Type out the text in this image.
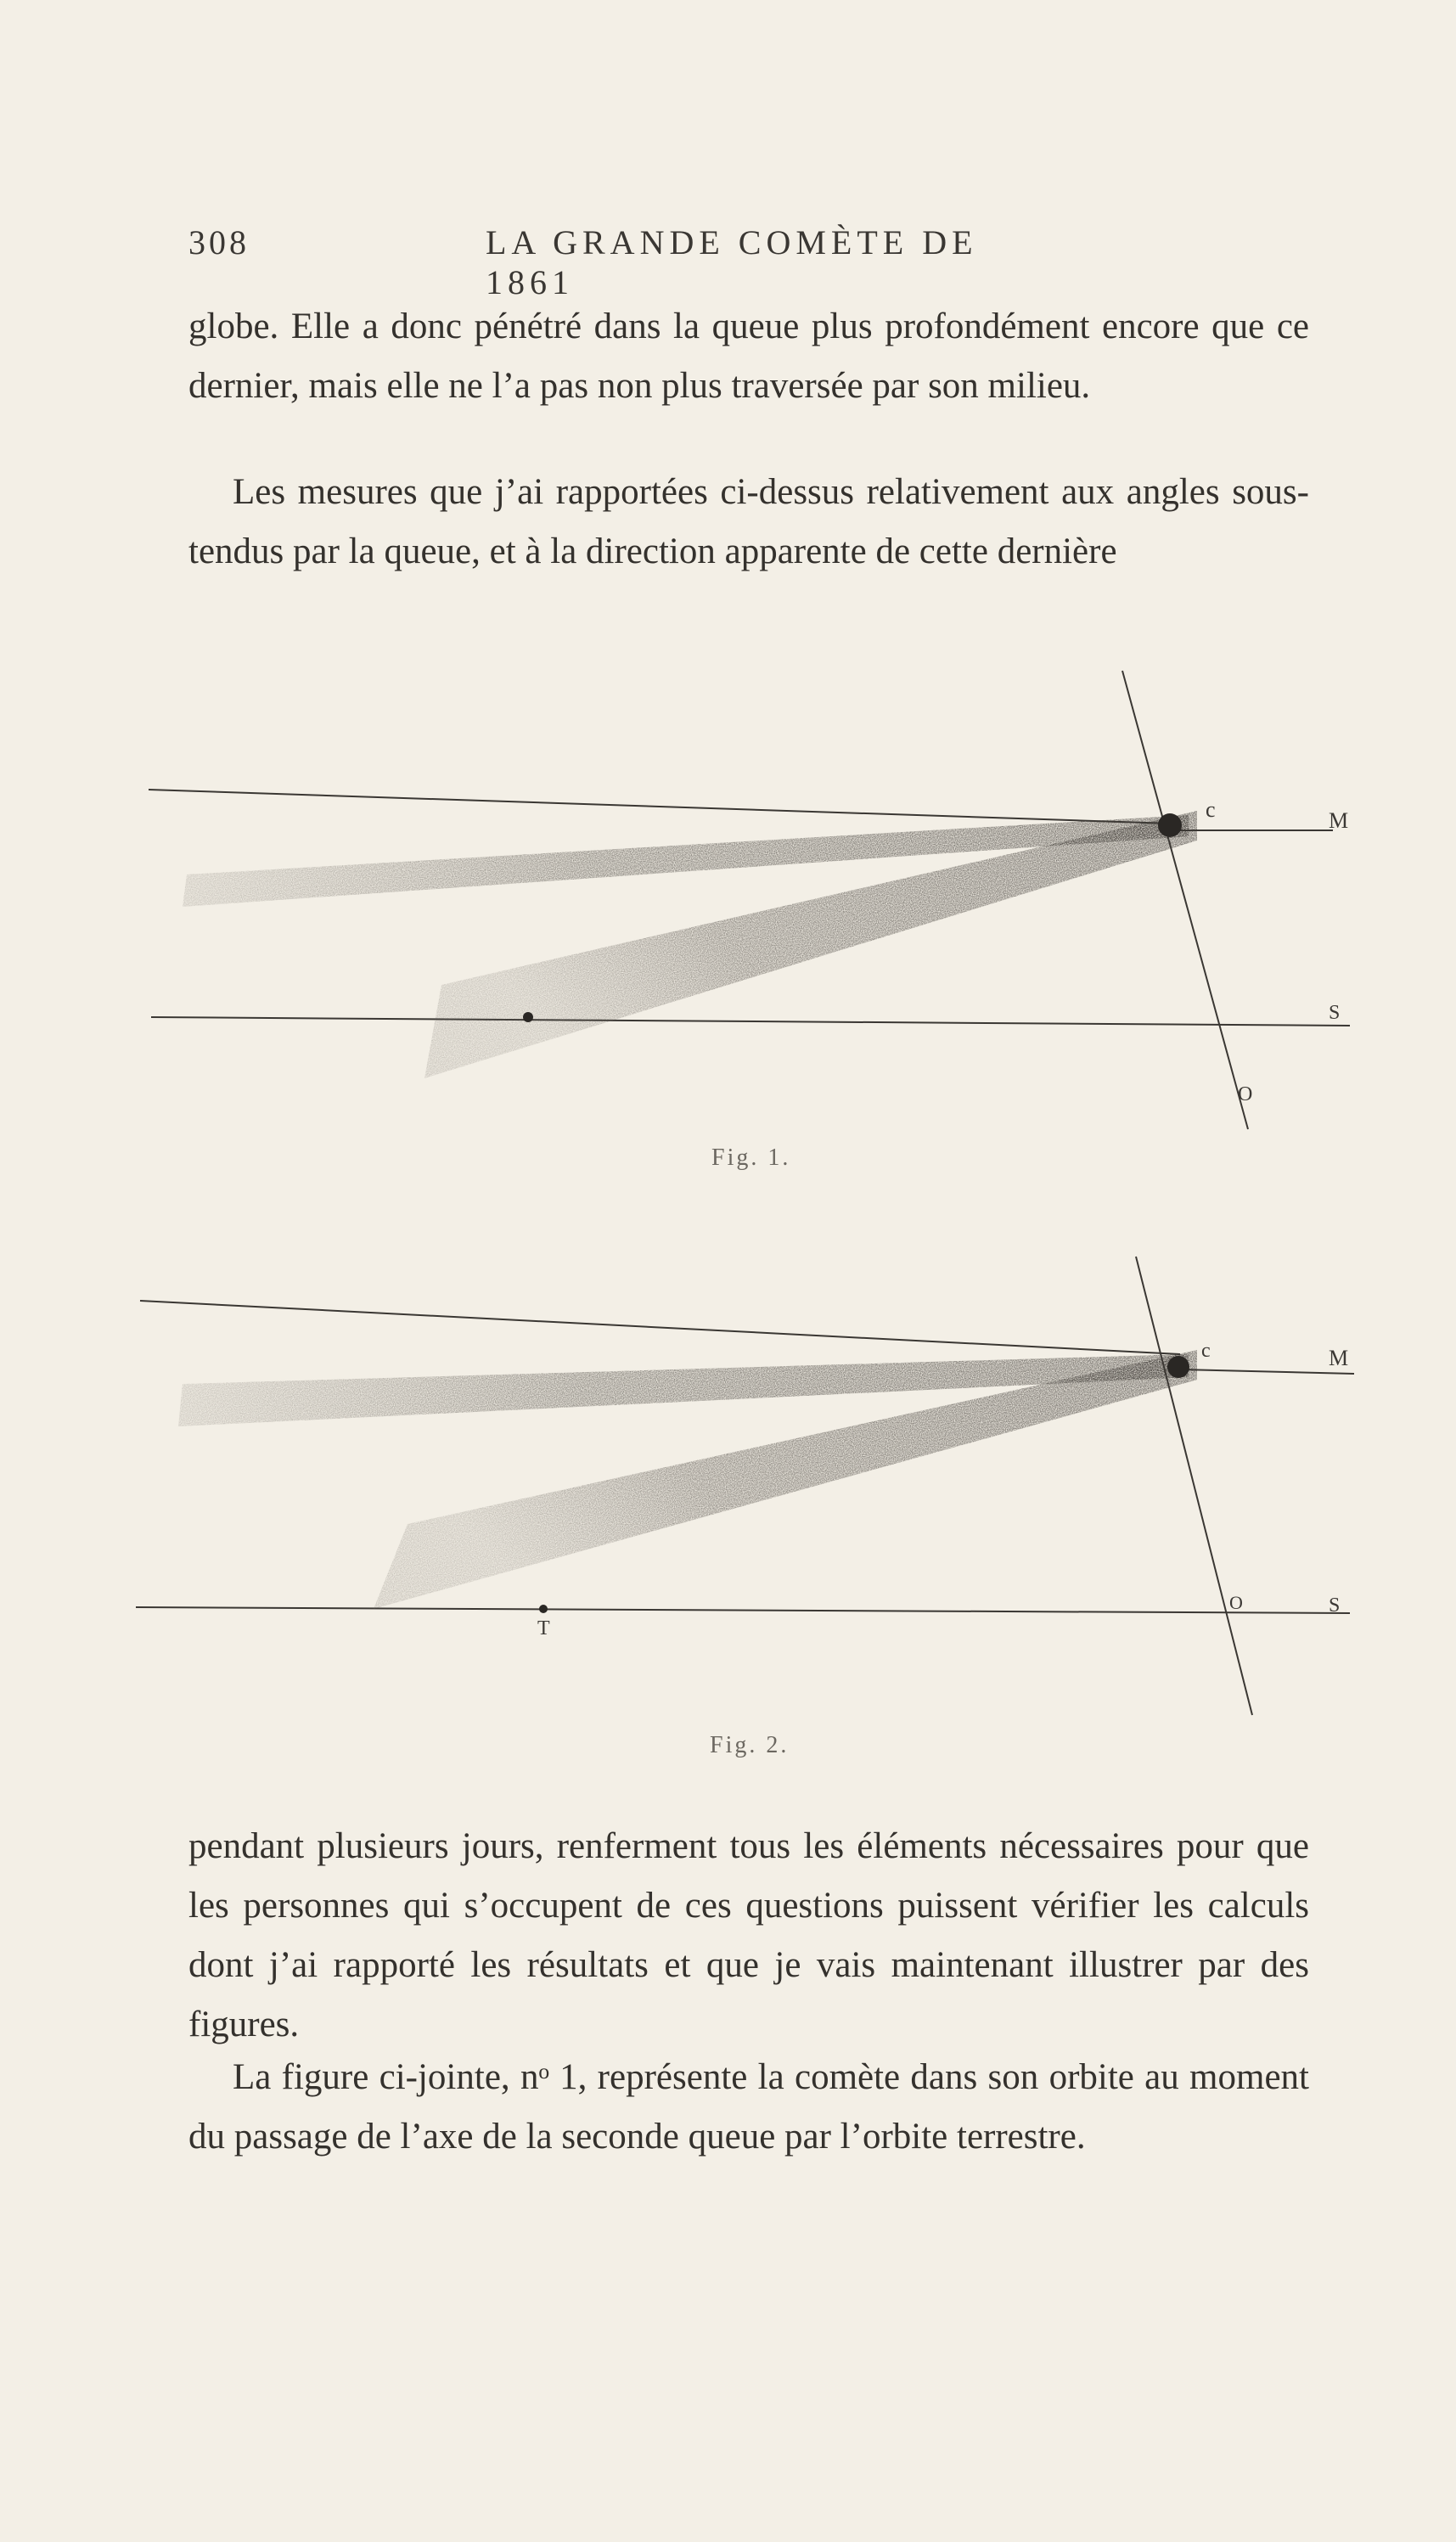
308	LA GRANDE COMÈTE DE 1861

globe. Elle a donc pénétré dans la queue plus profondément encore que ce dernier, mais elle ne l’a pas non plus traversée par son milieu.

Les mesures que j’ai rapportées ci-dessus relativement aux angles sous-tendus par la queue, et à la direction apparente de cette dernière

c	M
S
O
c	M
S
O
T
Fig. 1.
Fig. 2.

pendant plusieurs jours, renferment tous les éléments nécessaires pour que les personnes qui s’occupent de ces questions puissent vérifier les calculs dont j’ai rapporté les résultats et que je vais maintenant illustrer par des figures.

La figure ci-jointe, nᵒ 1, représente la comète dans son orbite au moment du passage de l’axe de la seconde queue par l’orbite terrestre.
